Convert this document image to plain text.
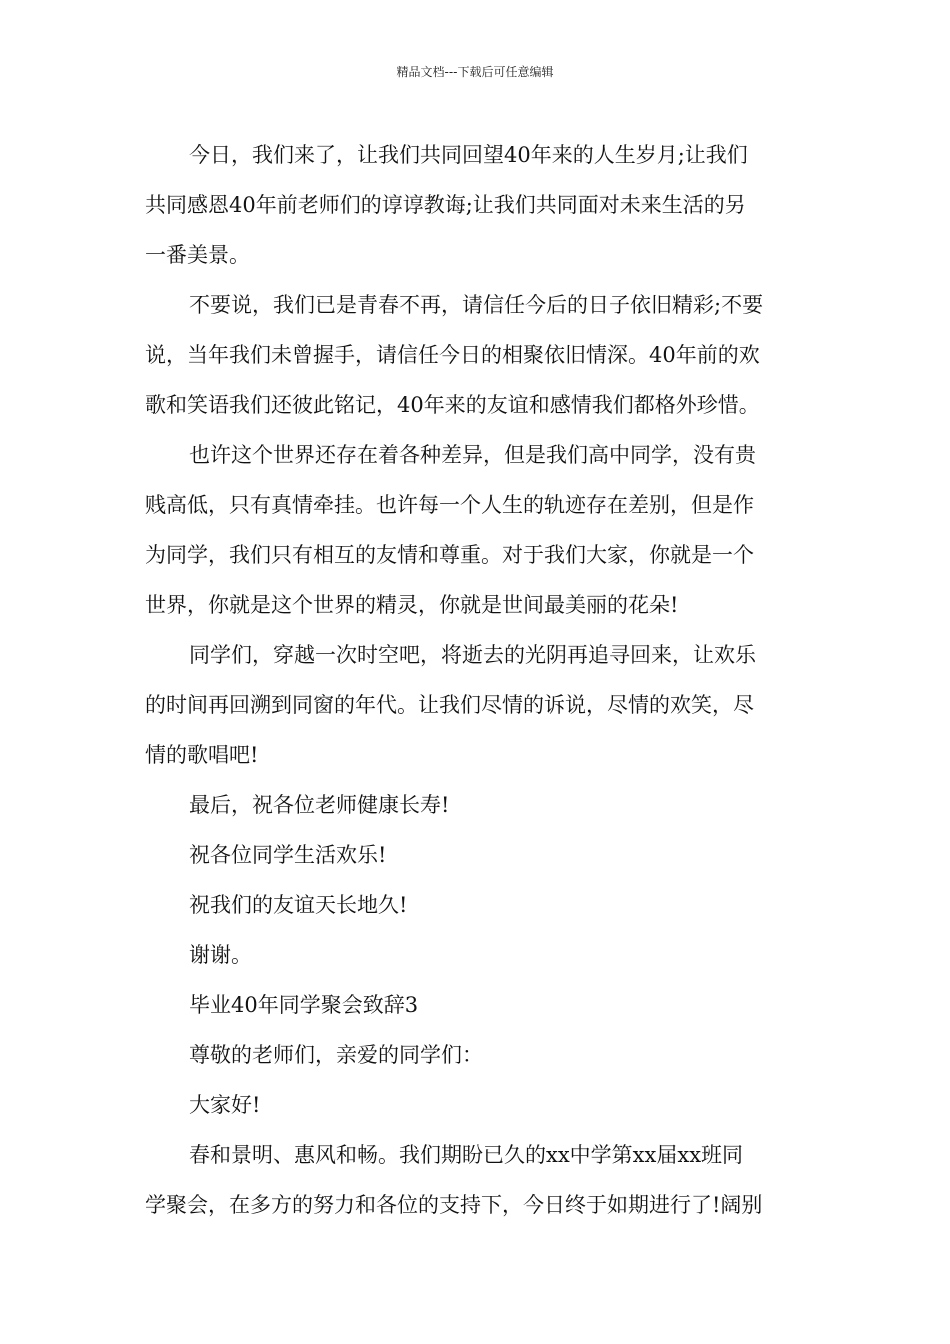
精品文档---下载后可任意编辑
今日，我们来了，让我们共同回望40年来的人生岁月;让我们
共同感恩40年前老师们的谆谆教诲;让我们共同面对未来生活的另
一番美景。
不要说，我们已是青春不再，请信任今后的日子依旧精彩;不要
说，当年我们未曾握手，请信任今日的相聚依旧情深。40年前的欢
歌和笑语我们还彼此铭记，40年来的友谊和感情我们都格外珍惜。
也许这个世界还存在着各种差异，但是我们高中同学，没有贵
贱高低，只有真情牵挂。也许每一个人生的轨迹存在差别，但是作
为同学，我们只有相互的友情和尊重。对于我们大家，你就是一个
世界，你就是这个世界的精灵，你就是世间最美丽的花朵!
同学们，穿越一次时空吧，将逝去的光阴再追寻回来，让欢乐
的时间再回溯到同窗的年代。让我们尽情的诉说，尽情的欢笑，尽
情的歌唱吧!
最后，祝各位老师健康长寿!
祝各位同学生活欢乐!
祝我们的友谊天长地久!
谢谢。
毕业40年同学聚会致辞3
尊敬的老师们，亲爱的同学们：
大家好!
春和景明、惠风和畅。我们期盼已久的xx中学第xx届xx班同
学聚会，在多方的努力和各位的支持下，今日终于如期进行了!阔别
